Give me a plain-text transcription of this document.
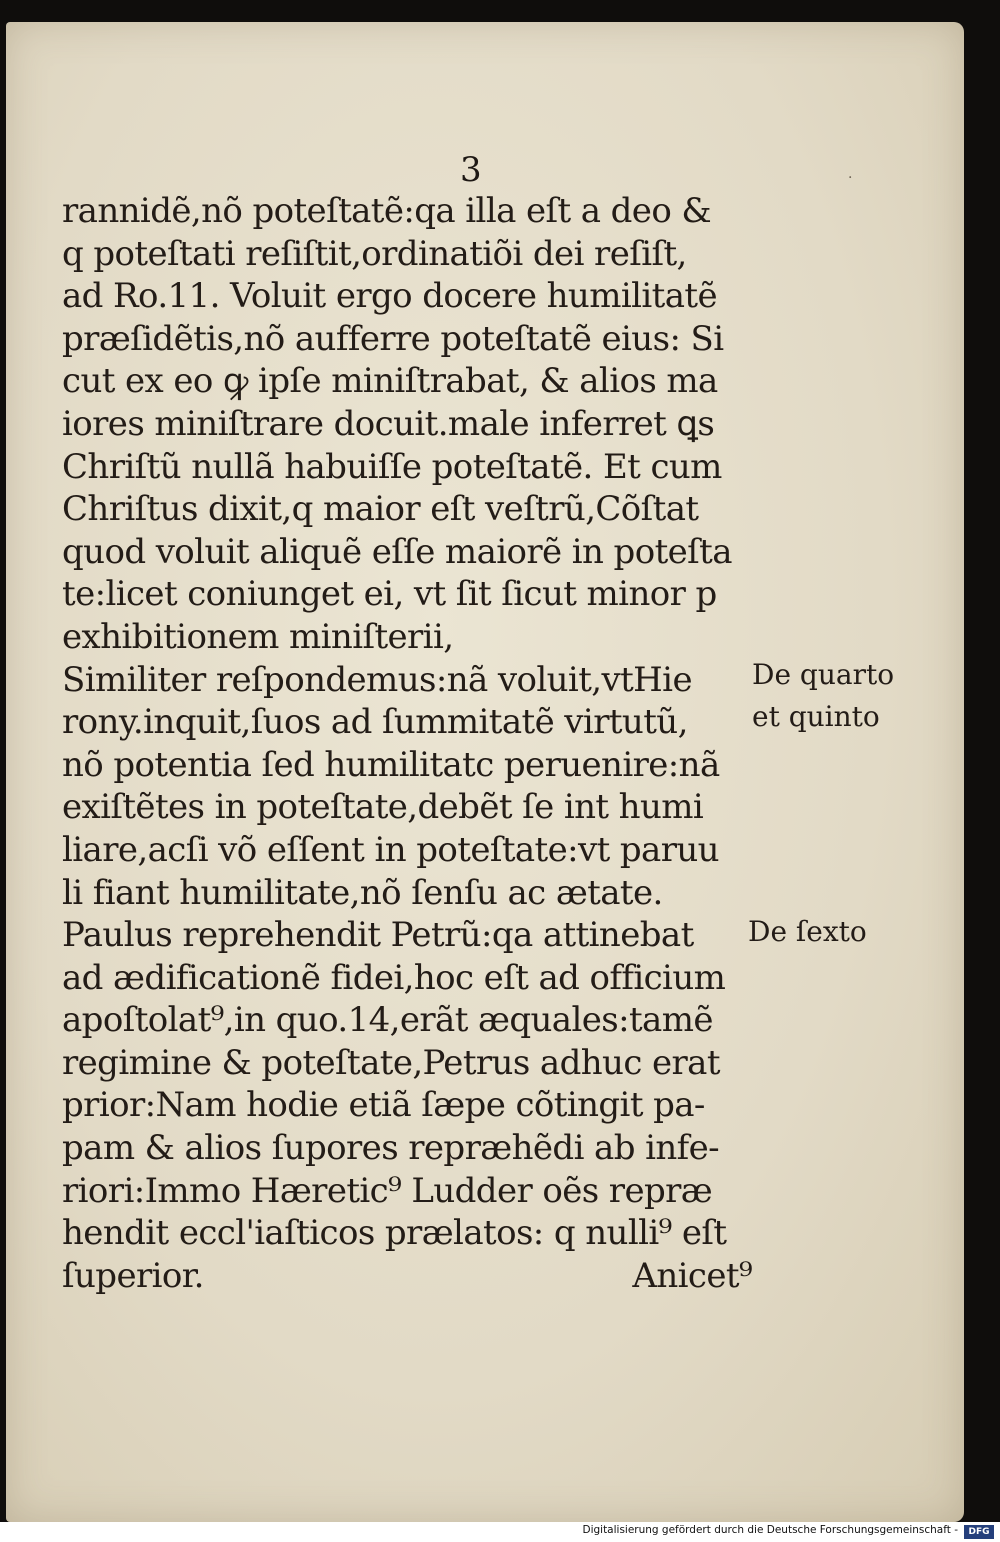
·
3
rannidẽ,nõ poteſtatẽ:qa illa eſt a deo &
q poteſtati reſiſtit,ordinatiõi dei reſiſt,
ad Ro.11. Voluit ergo docere humilitatẽ
præſidẽtis,nõ aufferre poteſtatẽ eius: Si
cut ex eo ꝙ ipſe miniſtrabat, & alios ma
iores miniſtrare docuit.male inferret ꝗs
Chriſtũ nullã habuiſſe poteſtatẽ. Et cum
Chriſtus dixit,q maior eſt veſtrũ,Cõſtat
quod voluit aliquẽ eſſe maiorẽ in poteſta
te:licet coniunget ei, vt ſit ſicut minor p
exhibitionem miniſterii,
Similiter reſpondemus:nã voluit,vtHie
rony.inquit,ſuos ad ſummitatẽ virtutũ,
nõ potentia ſed humilitatc peruenire:nã
exiſtẽtes in poteſtate,debẽt ſe int humi
liare,acſi võ eſſent in poteſtate:vt paruu
li fiant humilitate,nõ ſenſu ac ætate.
Paulus reprehendit Petrũ:qa attinebat
ad ædificationẽ fidei,hoc eſt ad officium
apoſtolat⁹,in quo.14,erãt æquales:tamẽ
regimine & poteſtate,Petrus adhuc erat
prior:Nam hodie etiã ſæpe cõtingit pa-
pam & alios ſupores repræhẽdi ab infe-
riori:Immo Hæretic⁹ Ludder oẽs repræ
hendit eccl'iaſticos prælatos: q nulli⁹ eſt
ſuperior.	Anicet⁹
De quarto
et quinto
De ſexto
Digitalisierung gefördert durch die Deutsche Forschungsgemeinschaft -	DFG
